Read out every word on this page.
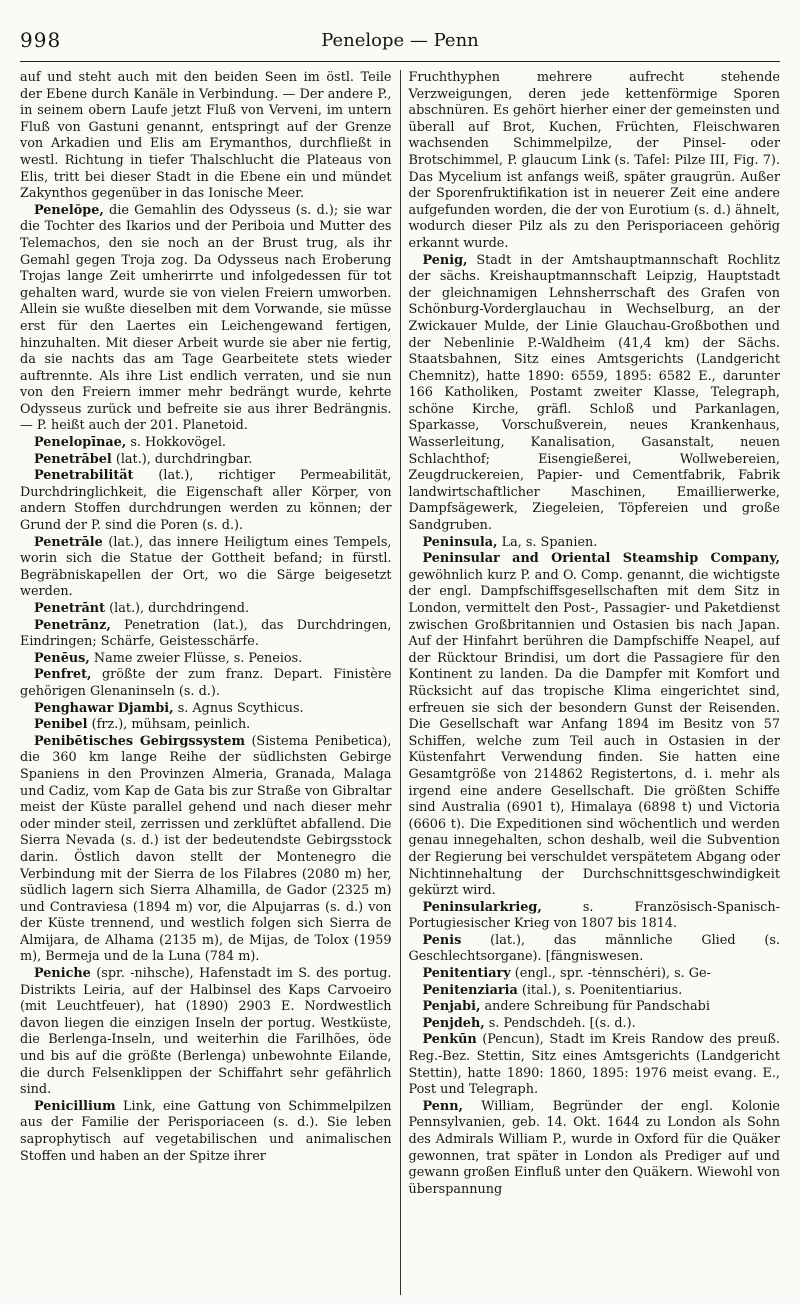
998	Penelope — Penn

auf und steht auch mit den beiden Seen im östl. Teile der Ebene durch Kanäle in Verbindung. — Der andere P., in seinem obern Laufe jetzt Fluß von Verveni, im untern Fluß von Gastuni genannt, entspringt auf der Grenze von Arkadien und Elis am Erymanthos, durchfließt in westl. Richtung in tiefer Thalschlucht die Plateaus von Elis, tritt bei dieser Stadt in die Ebene ein und mündet Zakynthos gegenüber in das Ionische Meer.

Penelŏpe, die Gemahlin des Odysseus (s. d.); sie war die Tochter des Ikarios und der Periboia und Mutter des Telemachos, den sie noch an der Brust trug, als ihr Gemahl gegen Troja zog. Da Odysseus nach Eroberung Trojas lange Zeit umherirrte und infolgedessen für tot gehalten ward, wurde sie von vielen Freiern umworben. Allein sie wußte dieselben mit dem Vorwande, sie müsse erst für den Laertes ein Leichengewand fertigen, hinzuhalten. Mit dieser Arbeit wurde sie aber nie fertig, da sie nachts das am Tage Gearbeitete stets wieder auftrennte. Als ihre List endlich verraten, und sie nun von den Freiern immer mehr bedrängt wurde, kehrte Odysseus zurück und befreite sie aus ihrer Bedrängnis. — P. heißt auch der 201. Planetoid.

Penelopīnae, s. Hokkovögel.

Penetrābel (lat.), durchdringbar.

Penetrabilität (lat.), richtiger Permeabilität, Durchdringlichkeit, die Eigenschaft aller Körper, von andern Stoffen durchdrungen werden zu können; der Grund der P. sind die Poren (s. d.).

Penetrāle (lat.), das innere Heiligtum eines Tempels, worin sich die Statue der Gottheit befand; in fürstl. Begräbniskapellen der Ort, wo die Särge beigesetzt werden.

Penetrānt (lat.), durchdringend.

Penetrānz, Penetration (lat.), das Durchdringen, Eindringen; Schärfe, Geistesschärfe.

Penēus, Name zweier Flüsse, s. Peneios.

Penfret, größte der zum franz. Depart. Finistère gehörigen Glenaninseln (s. d.).

Penghawar Djambi, s. Agnus Scythicus.

Penibel (frz.), mühsam, peinlich.

Penibētisches Gebirgssystem (Sistema Penibetica), die 360 km lange Reihe der südlichsten Gebirge Spaniens in den Provinzen Almeria, Granada, Malaga und Cadiz, vom Kap de Gata bis zur Straße von Gibraltar meist der Küste parallel gehend und nach dieser mehr oder minder steil, zerrissen und zerklüftet abfallend. Die Sierra Nevada (s. d.) ist der bedeutendste Gebirgsstock darin. Östlich davon stellt der Montenegro die Verbindung mit der Sierra de los Filabres (2080 m) her, südlich lagern sich Sierra Alhamilla, de Gador (2325 m) und Contraviesa (1894 m) vor, die Alpujarras (s. d.) von der Küste trennend, und westlich folgen sich Sierra de Almijara, de Alhama (2135 m), de Mijas, de Tolox (1959 m), Bermeja und de la Luna (784 m).

Peniche (spr. -nihsche), Hafenstadt im S. des portug. Distrikts Leiria, auf der Halbinsel des Kaps Carvoeiro (mit Leuchtfeuer), hat (1890) 2903 E. Nordwestlich davon liegen die einzigen Inseln der portug. Westküste, die Berlenga-Inseln, und weiterhin die Farilhões, öde und bis auf die größte (Berlenga) unbewohnte Eilande, die durch Felsenklippen der Schiffahrt sehr gefährlich sind.

Penicillium Link, eine Gattung von Schimmelpilzen aus der Familie der Perisporiaceen (s. d.). Sie leben saprophytisch auf vegetabilischen und animalischen Stoffen und haben an der Spitze ihrer

Fruchthyphen mehrere aufrecht stehende Verzweigungen, deren jede kettenförmige Sporen abschnüren. Es gehört hierher einer der gemeinsten und überall auf Brot, Kuchen, Früchten, Fleischwaren wachsenden Schimmelpilze, der Pinsel- oder Brotschimmel, P. glaucum Link (s. Tafel: Pilze III, Fig. 7). Das Mycelium ist anfangs weiß, später graugrün. Außer der Sporenfruktifikation ist in neuerer Zeit eine andere aufgefunden worden, die der von Eurotium (s. d.) ähnelt, wodurch dieser Pilz als zu den Perisporiaceen gehörig erkannt wurde.

Penig, Stadt in der Amtshauptmannschaft Rochlitz der sächs. Kreishauptmannschaft Leipzig, Hauptstadt der gleichnamigen Lehnsherrschaft des Grafen von Schönburg-Vorderglauchau in Wechselburg, an der Zwickauer Mulde, der Linie Glauchau-Großbothen und der Nebenlinie P.-Waldheim (41,4 km) der Sächs. Staatsbahnen, Sitz eines Amtsgerichts (Landgericht Chemnitz), hatte 1890: 6559, 1895: 6582 E., darunter 166 Katholiken, Postamt zweiter Klasse, Telegraph, schöne Kirche, gräfl. Schloß und Parkanlagen, Sparkasse, Vorschußverein, neues Krankenhaus, Wasserleitung, Kanalisation, Gasanstalt, neuen Schlachthof; Eisengießerei, Wollwebereien, Zeugdruckereien, Papier- und Cementfabrik, Fabrik landwirtschaftlicher Maschinen, Emaillierwerke, Dampfsägewerk, Ziegeleien, Töpfereien und große Sandgruben.

Peninsula, La, s. Spanien.

Peninsular and Oriental Steamship Company, gewöhnlich kurz P. and O. Comp. genannt, die wichtigste der engl. Dampfschiffsgesellschaften mit dem Sitz in London, vermittelt den Post-, Passagier- und Paketdienst zwischen Großbritannien und Ostasien bis nach Japan. Auf der Hinfahrt berühren die Dampfschiffe Neapel, auf der Rücktour Brindisi, um dort die Passagiere für den Kontinent zu landen. Da die Dampfer mit Komfort und Rücksicht auf das tropische Klima eingerichtet sind, erfreuen sie sich der besondern Gunst der Reisenden. Die Gesellschaft war Anfang 1894 im Besitz von 57 Schiffen, welche zum Teil auch in Ostasien in der Küstenfahrt Verwendung finden. Sie hatten eine Gesamtgröße von 214862 Registertons, d. i. mehr als irgend eine andere Gesellschaft. Die größten Schiffe sind Australia (6901 t), Himalaya (6898 t) und Victoria (6606 t). Die Expeditionen sind wöchentlich und werden genau innegehalten, schon deshalb, weil die Subvention der Regierung bei verschuldet verspätetem Abgang oder Nichtinnehaltung der Durchschnittsgeschwindigkeit gekürzt wird.

Peninsularkrieg,	s. Französisch-Spanisch-Portugiesischer Krieg von 1807 bis 1814.

Penis (lat.), das männliche Glied (s. Geschlechtsorgane). [fängniswesen.

Penitentiary (engl., spr. -tėnnschėri), s. Ge-

Penitenziaria (ital.), s. Poenitentiarius.

Penjabi, andere Schreibung für Pandschabi

Penjdeh, s. Pendschdeh. [(s. d.).

Penkūn (Pencun), Stadt im Kreis Randow des preuß. Reg.-Bez. Stettin, Sitz eines Amtsgerichts (Landgericht Stettin), hatte 1890: 1860, 1895: 1976 meist evang. E., Post und Telegraph.

Penn, William, Begründer der engl. Kolonie Pennsylvanien, geb. 14. Okt. 1644 zu London als Sohn des Admirals William P., wurde in Oxford für die Quäker gewonnen, trat später in London als Prediger auf und gewann großen Einfluß unter den Quäkern. Wiewohl von überspannung
